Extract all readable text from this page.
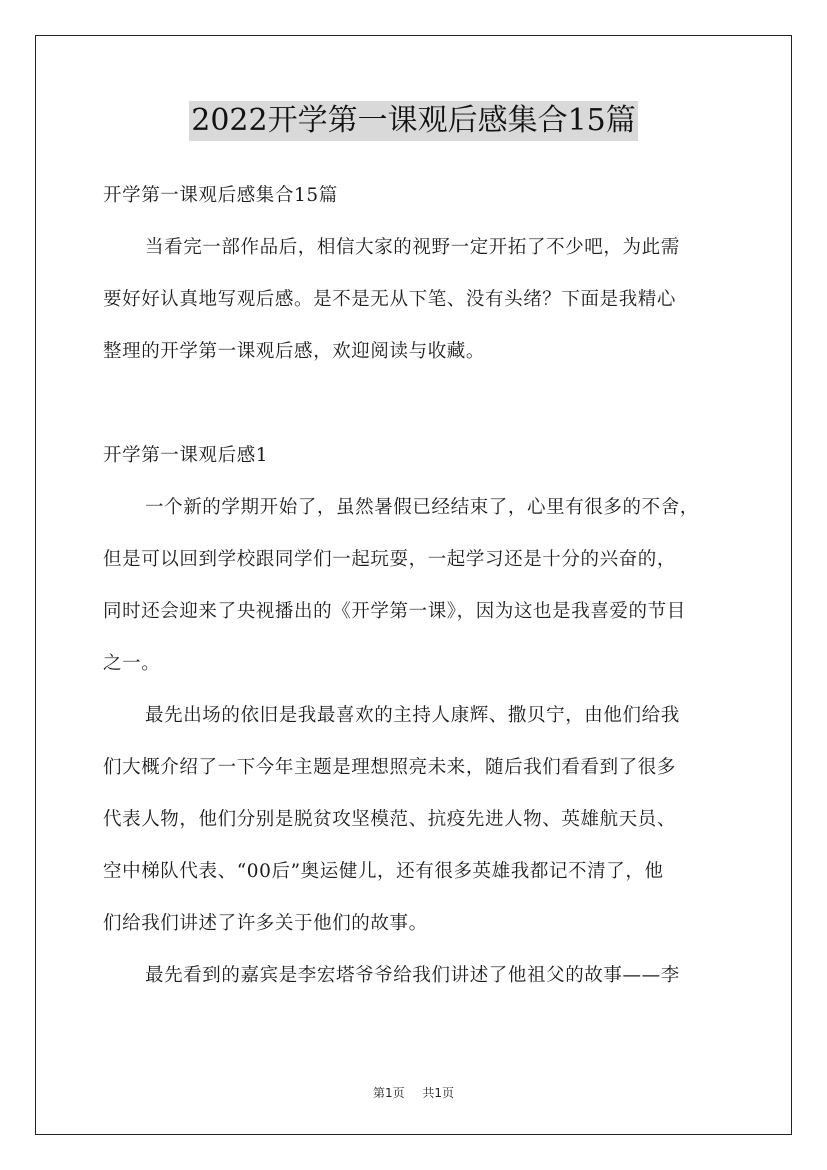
2022开学第一课观后感集合15篇
开学第一课观后感集合15篇
当看完一部作品后，相信大家的视野一定开拓了不少吧，为此需
要好好认真地写观后感。是不是无从下笔、没有头绪？下面是我精心
整理的开学第一课观后感，欢迎阅读与收藏。
开学第一课观后感1
一个新的学期开始了，虽然暑假已经结束了，心里有很多的不舍，
但是可以回到学校跟同学们一起玩耍，一起学习还是十分的兴奋的，
同时还会迎来了央视播出的《开学第一课》，因为这也是我喜爱的节目
之一。
最先出场的依旧是我最喜欢的主持人康辉、撒贝宁，由他们给我
们大概介绍了一下今年主题是理想照亮未来，随后我们看看到了很多
代表人物，他们分别是脱贫攻坚模范、抗疫先进人物、英雄航天员、
空中梯队代表、“00后”奥运健儿，还有很多英雄我都记不清了，他
们给我们讲述了许多关于他们的故事。
最先看到的嘉宾是李宏塔爷爷给我们讲述了他祖父的故事——李
第1页 共1页
